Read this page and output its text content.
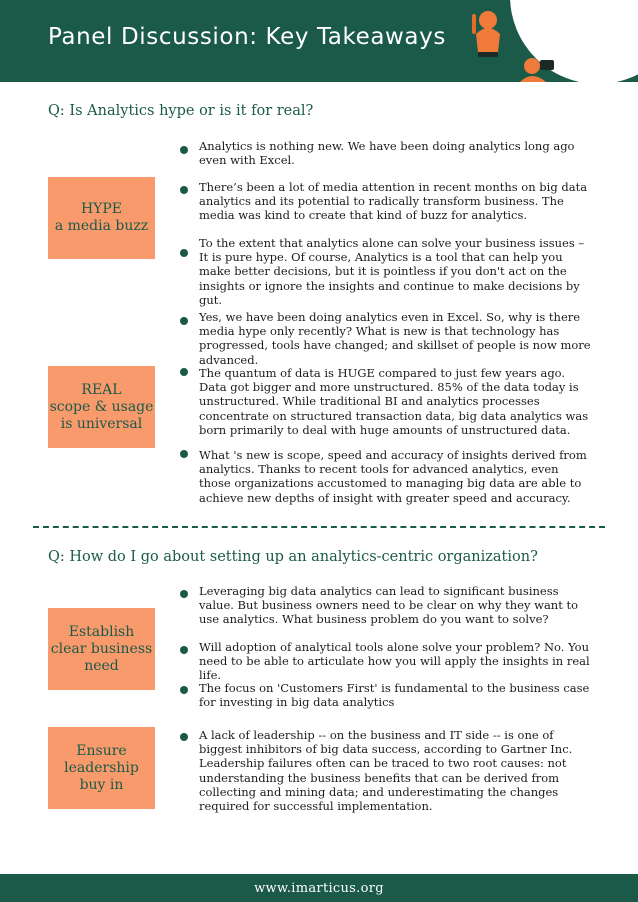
Panel Discussion: Key Takeaways
Q: Is Analytics hype or is it for real?
HYPE
a media buzz
REAL
scope & usage
is universal
Analytics is nothing new. We have been doing analytics long ago even with Excel.
There’s been a lot of media attention in recent months on big data analytics and its potential to radically transform business. The media was kind to create that kind of buzz for analytics.
To the extent that analytics alone can solve your business issues – It is pure hype. Of course, Analytics is a tool that can help you make better decisions, but it is pointless if you don't act on the insights or ignore the insights and continue to make decisions by gut.
Yes, we have been doing analytics even in Excel. So, why is there media hype only recently? What is new is that technology has progressed, tools have changed; and skillset of people is now more advanced.
The quantum of data is HUGE compared to just few years ago. Data got bigger and more unstructured. 85% of the data today is unstructured. While traditional BI and analytics processes concentrate on structured transaction data, big data analytics was born primarily to deal with huge amounts of unstructured data.
What 's new is scope, speed and accuracy of insights derived from analytics. Thanks to recent tools for advanced analytics, even those organizations accustomed to managing big data are able to achieve new depths of insight with greater speed and accuracy.
Q: How do I go about setting up an analytics-centric organization?
Establish
clear business
need
Ensure
leadership
buy in
Leveraging big data analytics can lead to significant business value. But business owners need to be clear on why they want to use analytics. What business problem do you want to solve?
Will adoption of analytical tools alone solve your problem? No. You need to be able to articulate how you will apply the insights in real life.
The focus on 'Customers First' is fundamental to the business case for investing in big data analytics
A lack of leadership -- on the business and IT side -- is one of biggest inhibitors of big data success, according to Gartner Inc. Leadership failures often can be traced to two root causes: not understanding the business benefits that can be derived from collecting and mining data; and underestimating the changes required for successful implementation.
www.imarticus.org
